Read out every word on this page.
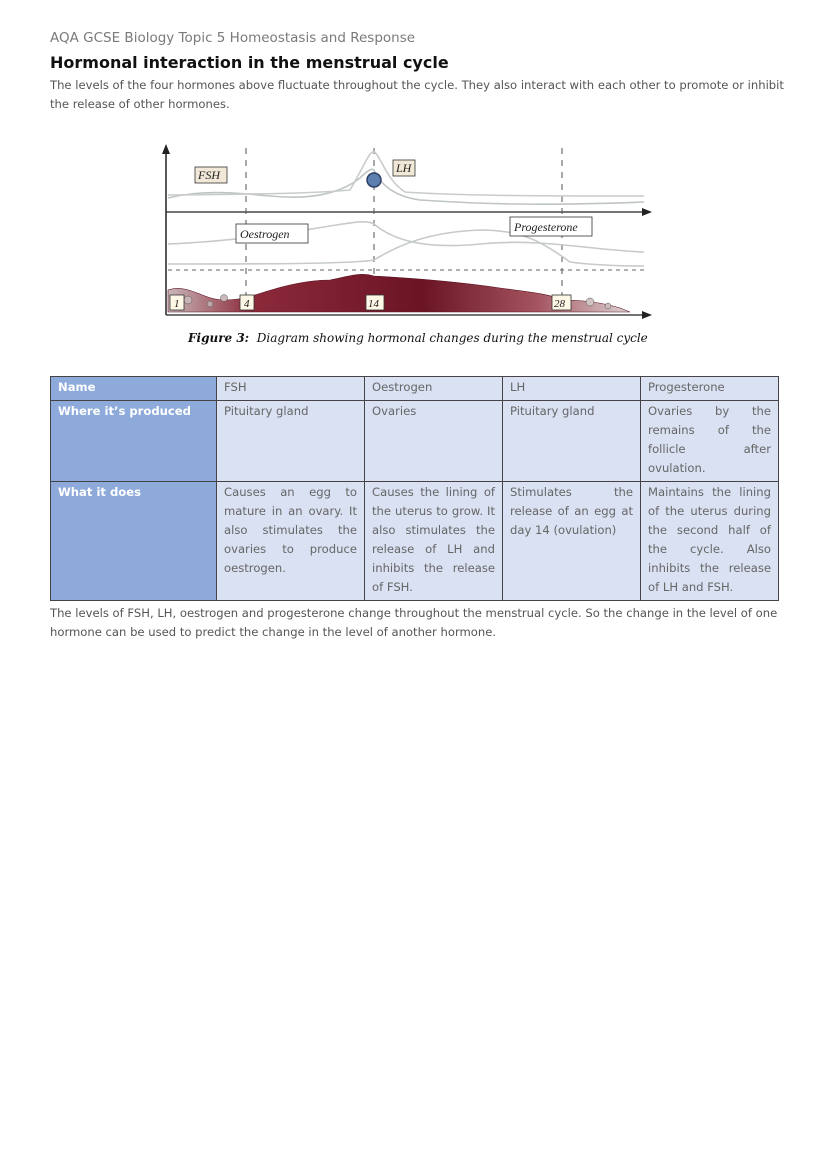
AQA GCSE Biology Topic 5 Homeostasis and Response
Hormonal interaction in the menstrual cycle
The levels of the four hormones above fluctuate throughout the cycle. They also interact with each other to promote or inhibit the release of other hormones.
FSH	LH
Oestrogen	Progesterone
1	4	14	28
Figure 3: Diagram showing hormonal changes during the menstrual cycle
Name	FSH	Oestrogen	LH	Progesterone
Where it’s produced	Pituitary gland	Ovaries	Pituitary gland	Ovaries by the remains of the follicle after ovulation.
What it does	Causes an egg to mature in an ovary. It also stimulates the ovaries to produce oestrogen.	Causes the lining of the uterus to grow. It also stimulates the release of LH and inhibits the release of FSH.	Stimulates the release of an egg at day 14 (ovulation)	Maintains the lining of the uterus during the second half of the cycle. Also inhibits the release of LH and FSH.
The levels of FSH, LH, oestrogen and progesterone change throughout the menstrual cycle. So the change in the level of one hormone can be used to predict the change in the level of another hormone.
